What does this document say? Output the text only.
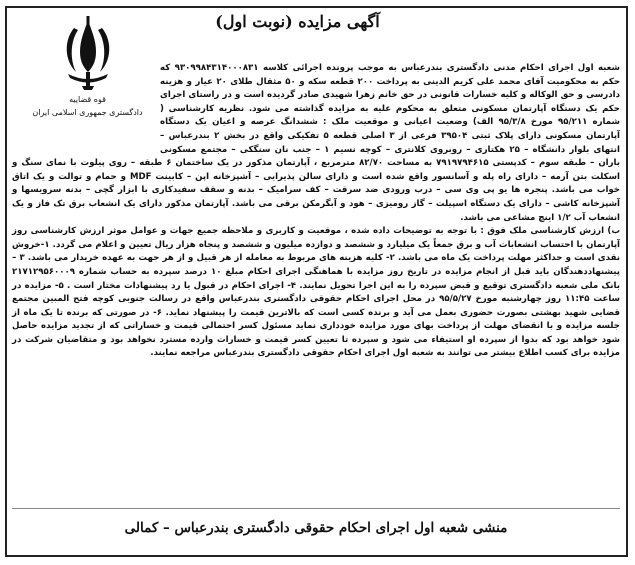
آگهی مزایده (نوبت اول)
قوه قضاییه
دادگستری جمهوری اسلامی ایران

شعبه اول اجرای احکام مدنی دادگستری بندرعباس به موجب پرونده اجرائی کلاسه ۹۳۰۹۹۸۴۳۱۴۰۰۰۸۳۱ که حکم به محکومیت آقای محمد علی کریم الدینی به پرداخت ۲۰۰ قطعه سکه و ۵۰ مثقال طلای ۲۰ عیار و هزینه دادرسی و حق الوکاله و کلیه خسارات قانونی در حق خانم زهرا شهیدی صادر گردیده است و در راستای اجرای حکم یک دستگاه آپارتمان مسکونی متعلق به محکوم علیه به مزایده گذاشته می شود. نظریه کارشناسی ( شماره ۹۵/۲۱۱ مورخ ۹۵/۳/۸ الف) وضعیت اعیانی و موقعیت ملک : ششدانگ عرصه و اعیان یک دستگاه آپارتمان مسکونی دارای پلاک ثبتی ۳۹۵۰۴ فرعی از ۳ اصلی قطعه ۵ تفکیکی واقع در بخش ۲ بندرعباس – انتهای بلوار دانشگاه – ۲۵ هکتاری – روبروی کلانتری – کوچه نسیم ۱ – جنب نان سنگکی – مجتمع مسکونی باران – طبقه سوم – کدپستی ۷۹۱۹۷۹۴۶۱۵ به مساحت ۸۲/۷۰ مترمربع ، آپارتمان مذکور در یک ساختمان ۶ طبقه – روی پیلوت با نمای سنگ و اسکلت بتن آرمه – دارای راه پله و آسانسور واقع شده است و دارای سالن پذیرایی – آشپزخانه اپن – کابینت MDF و حمام و توالت و یک اتاق خواب می باشد. پنجره ها یو پی وی سی – درب ورودی ضد سرقت – کف سرامیک – بدنه و سقف سفیدکاری با ابزار گچی – بدنه سرویسها و آشپزخانه کاشی – دارای یک دستگاه اسپیلت – گاز رومیزی – هود و آبگرمکن برقی می باشد. آپارتمان مذکور دارای یک انشعاب برق تک فاز و یک انشعاب آب ۱/۲ اینچ مشاعی می باشد.

ب) ارزش کارشناسی ملک فوق : با توجه به توضیحات داده شده ، موقعیت و کاربری و ملاحظه جمیع جهات و عوامل موثر ارزش کارشناسی روز آپارتمان با احتساب انشعابات آب و برق جمعاً یک میلیارد و ششصد و دوازده میلیون و ششصد و پنجاه هزار ریال تعیین و اعلام می گردد. ۱-خروش نقدی است و حداکثر مهلت پرداخت یک ماه می باشد. ۲- کلیه هزینه های مربوط به معامله از هر قبیل و از هر جهت به عهده خریدار می باشد. ۳ – پیشنهاددهندگان باید قبل از انجام مزایده در تاریخ روز مزایده با هماهنگی اجرای احکام مبلغ ۱۰ درصد سپرده به حساب شماره ۲۱۷۱۲۹۵۶۰۰۰۹ بانک ملی شعبه دادگستری توقیع و قبض سپرده را به این اجرا تحویل نمایند. ۴- اجرای احکام در قبول یا رد پیشنهادات مختار است . ۵- مزایده در ساعت ۱۱:۴۵ روز چهارشنبه مورخ ۹۵/۵/۲۷ در محل اجرای احکام حقوقی دادگستری بندرعباس واقع در رسالت جنوبی کوچه فتح المبین مجتمع قضایی شهید بهشتی بصورت حضوری بعمل می آید و برنده کسی است که بالاترین قیمت را پیشنهاد نماید. ۶- در صورتی که برنده تا یک ماه از جلسه مزایده و با انقضای مهلت از پرداخت بهای مورد مزایده خودداری نماید مسئول کسر احتمالی قیمت و خساراتی که از تجدید مزایده حاصل شود خواهد بود که بدوا از سپرده او استیفاء می شود و سپرده تا تعیین کسر قیمت و خسارات وارده مسترد نخواهد بود و متقاضیان شرکت در مزایده برای کسب اطلاع بیشتر می توانند به شعبه اول اجرای احکام حقوقی دادگستری بندرعباس مراجعه نمایند.

منشی شعبه اول اجرای احکام حقوقی دادگستری بندرعباس – کمالی
